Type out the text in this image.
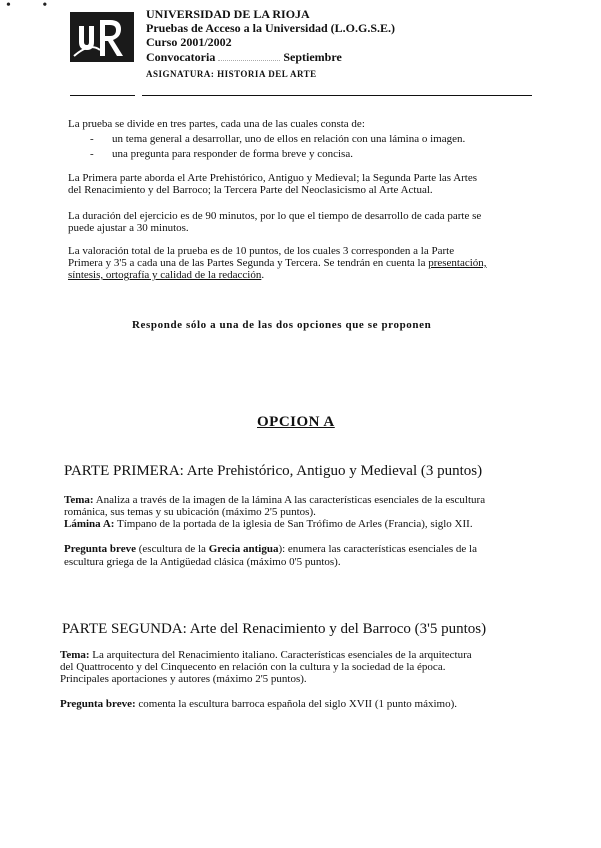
• •
UNIVERSIDAD DE LA RIOJA
Pruebas de Acceso a la Universidad (L.O.G.S.E.)
Curso 2001/2002
Convocatoria	Septiembre
ASIGNATURA: HISTORIA DEL ARTE
La prueba se divide en tres partes, cada una de las cuales consta de:
- un tema general a desarrollar, uno de ellos en relación con una lámina o imagen.
- una pregunta para responder de forma breve y concisa.
La Primera parte aborda el Arte Prehistórico, Antiguo y Medieval; la Segunda Parte las Artes
del Renacimiento y del Barroco; la Tercera Parte del Neoclasicismo al Arte Actual.
La duración del ejercicio es de 90 minutos, por lo que el tiempo de desarrollo de cada parte se
puede ajustar a 30 minutos.
La valoración total de la prueba es de 10 puntos, de los cuales 3 corresponden a la Parte
Primera y 3'5 a cada una de las Partes Segunda y Tercera. Se tendrán en cuenta la presentación,
síntesis, ortografía y calidad de la redacción.
Responde sólo a una de las dos opciones que se proponen
OPCION A
PARTE PRIMERA: Arte Prehistórico, Antiguo y Medieval (3 puntos)
Tema: Analiza a través de la imagen de la lámina A las características esenciales de la escultura
románica, sus temas y su ubicación (máximo 2'5 puntos).
Lámina A: Tímpano de la portada de la iglesia de San Trófimo de Arles (Francia), siglo XII.
Pregunta breve (escultura de la Grecia antigua): enumera las características esenciales de la
escultura griega de la Antigüedad clásica (máximo 0'5 puntos).
PARTE SEGUNDA: Arte del Renacimiento y del Barroco (3'5 puntos)
Tema: La arquitectura del Renacimiento italiano. Características esenciales de la arquitectura
del Quattrocento y del Cinquecento en relación con la cultura y la sociedad de la época.
Principales aportaciones y autores (máximo 2'5 puntos).
Pregunta breve: comenta la escultura barroca española del siglo XVII (1 punto máximo).
